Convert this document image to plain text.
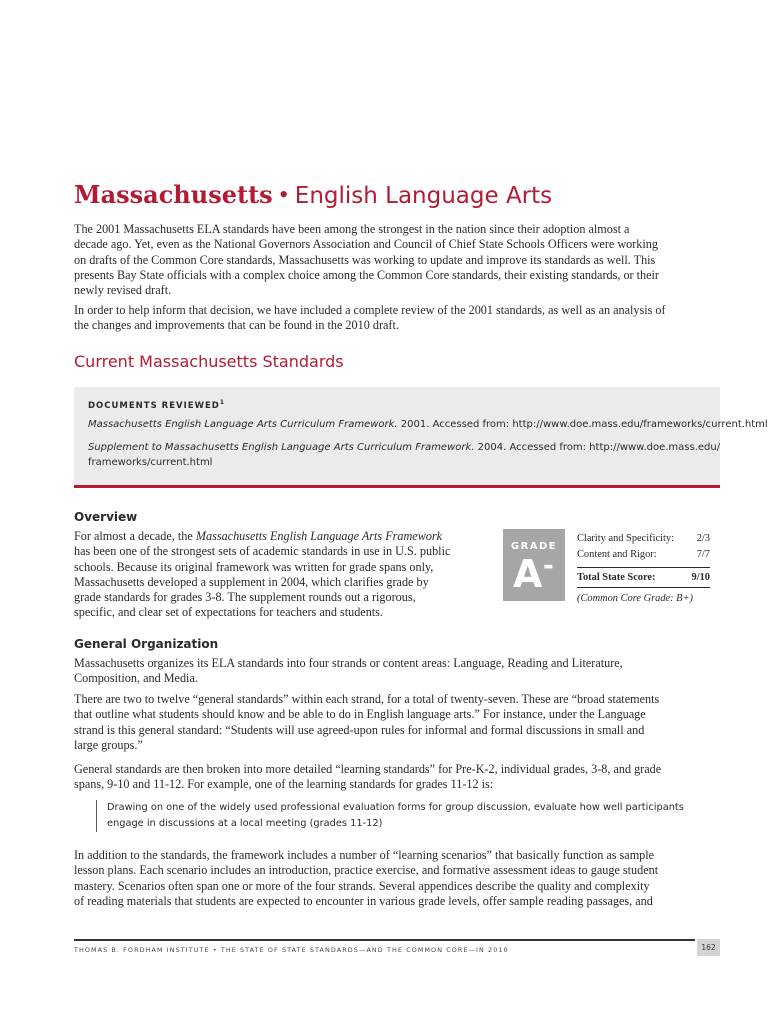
Massachusetts • English Language Arts

The 2001 Massachusetts ELA standards have been among the strongest in the nation since their adoption almost a
decade ago. Yet, even as the National Governors Association and Council of Chief State Schools Officers were working
on drafts of the Common Core standards, Massachusetts was working to update and improve its standards as well. This
presents Bay State officials with a complex choice among the Common Core standards, their existing standards, or their
newly revised draft.

In order to help inform that decision, we have included a complete review of the 2001 standards, as well as an analysis of
the changes and improvements that can be found in the 2010 draft.

Current Massachusetts Standards
DOCUMENTS REVIEWED$^1$
Massachusetts English Language Arts Curriculum Framework. 2001. Accessed from: http://www.doe.mass.edu/frameworks/current.html
Supplement to Massachusetts English Language Arts Curriculum Framework. 2004. Accessed from: http://www.doe.mass.edu/
frameworks/current.html
Overview

For almost a decade, the Massachusetts English Language Arts Framework
has been one of the strongest sets of academic standards in use in U.S. public
schools. Because its original framework was written for grade spans only,
Massachusetts developed a supplement in 2004, which clarifies grade by
grade standards for grades 3-8. The supplement rounds out a rigorous,
specific, and clear set of expectations for teachers and students.

GRADE
A -
Clarity and Specificity: 2/3
Content and Rigor:	7/7
Total State Score:	9/10
(Common Core Grade: B+)
General Organization

Massachusetts organizes its ELA standards into four strands or content areas: Language, Reading and Literature,
Composition, and Media.

There are two to twelve “general standards” within each strand, for a total of twenty-seven. These are “broad statements
that outline what students should know and be able to do in English language arts.” For instance, under the Language
strand is this general standard: “Students will use agreed-upon rules for informal and formal discussions in small and
large groups.”

General standards are then broken into more detailed “learning standards” for Pre-K-2, individual grades, 3-8, and grade
spans, 9-10 and 11-12. For example, one of the learning standards for grades 11-12 is:

Drawing on one of the widely used professional evaluation forms for group discussion, evaluate how well participants
engage in discussions at a local meeting (grades 11-12)

In addition to the standards, the framework includes a number of “learning scenarios” that basically function as sample
lesson plans. Each scenario includes an introduction, practice exercise, and formative assessment ideas to gauge student
mastery. Scenarios often span one or more of the four strands. Several appendices describe the quality and complexity
of reading materials that students are expected to encounter in various grade levels, offer sample reading passages, and

THOMAS B. FORDHAM INSTITUTE • THE STATE OF STATE STANDARDS—AND THE COMMON CORE—IN 2010	162
